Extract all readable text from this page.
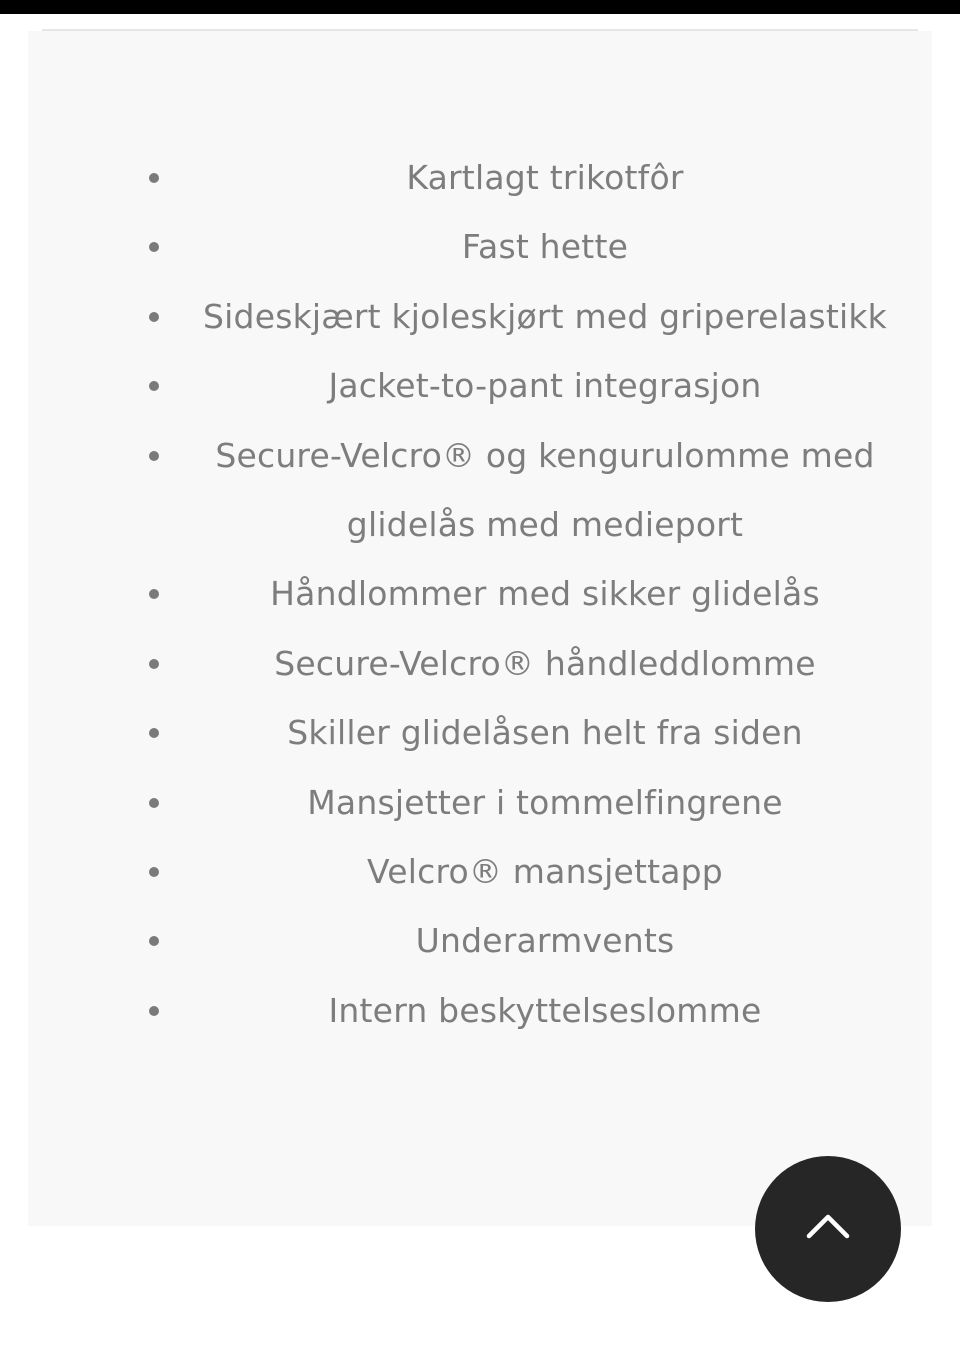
Kartlagt trikotfôr
Fast hette
Sideskjært kjoleskjørt med griperelastikk
Jacket-to-pant integrasjon
Secure-Velcro® og kengurulomme med glidelås med medieport
Håndlommer med sikker glidelås
Secure-Velcro® håndleddlomme
Skiller glidelåsen helt fra siden
Mansjetter i tommelfingrene
Velcro® mansjettapp
Underarmvents
Intern beskyttelseslomme
